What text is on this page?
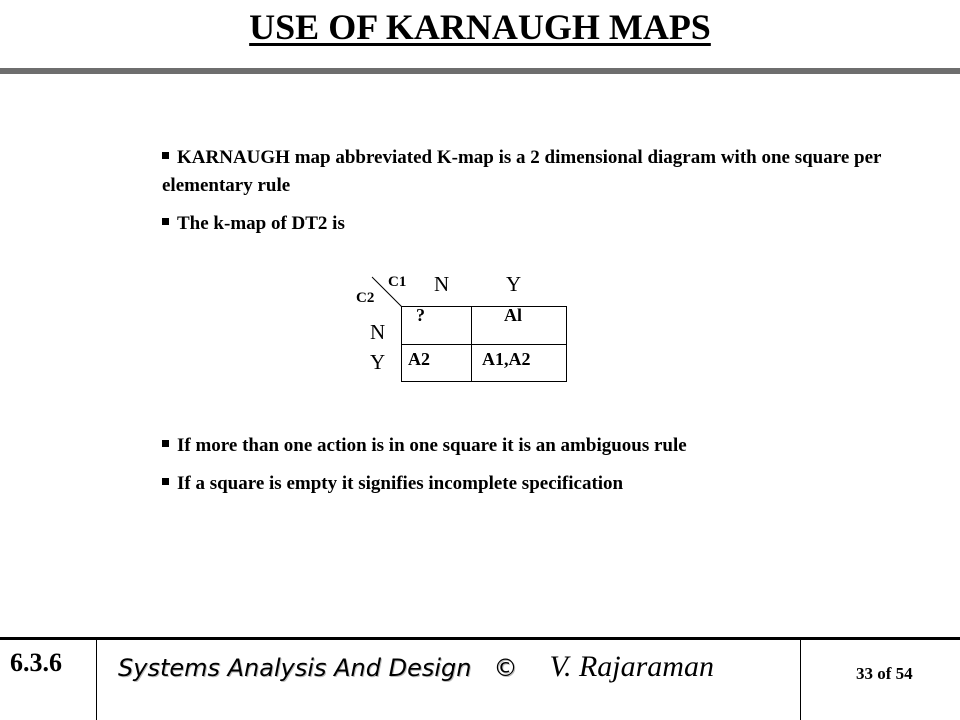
USE OF KARNAUGH MAPS
KARNAUGH map abbreviated K-map is a 2 dimensional diagram with one square per elementary rule
The k-map of DT2 is
C1
C2
N	Y
N
Y
?	Al
A2	A1,A2
If more than one action is in one square it is an ambiguous rule
If a square is empty it signifies incomplete specification
6.3.6 Systems Analysis And Design © V. Rajaraman	33 of 54
